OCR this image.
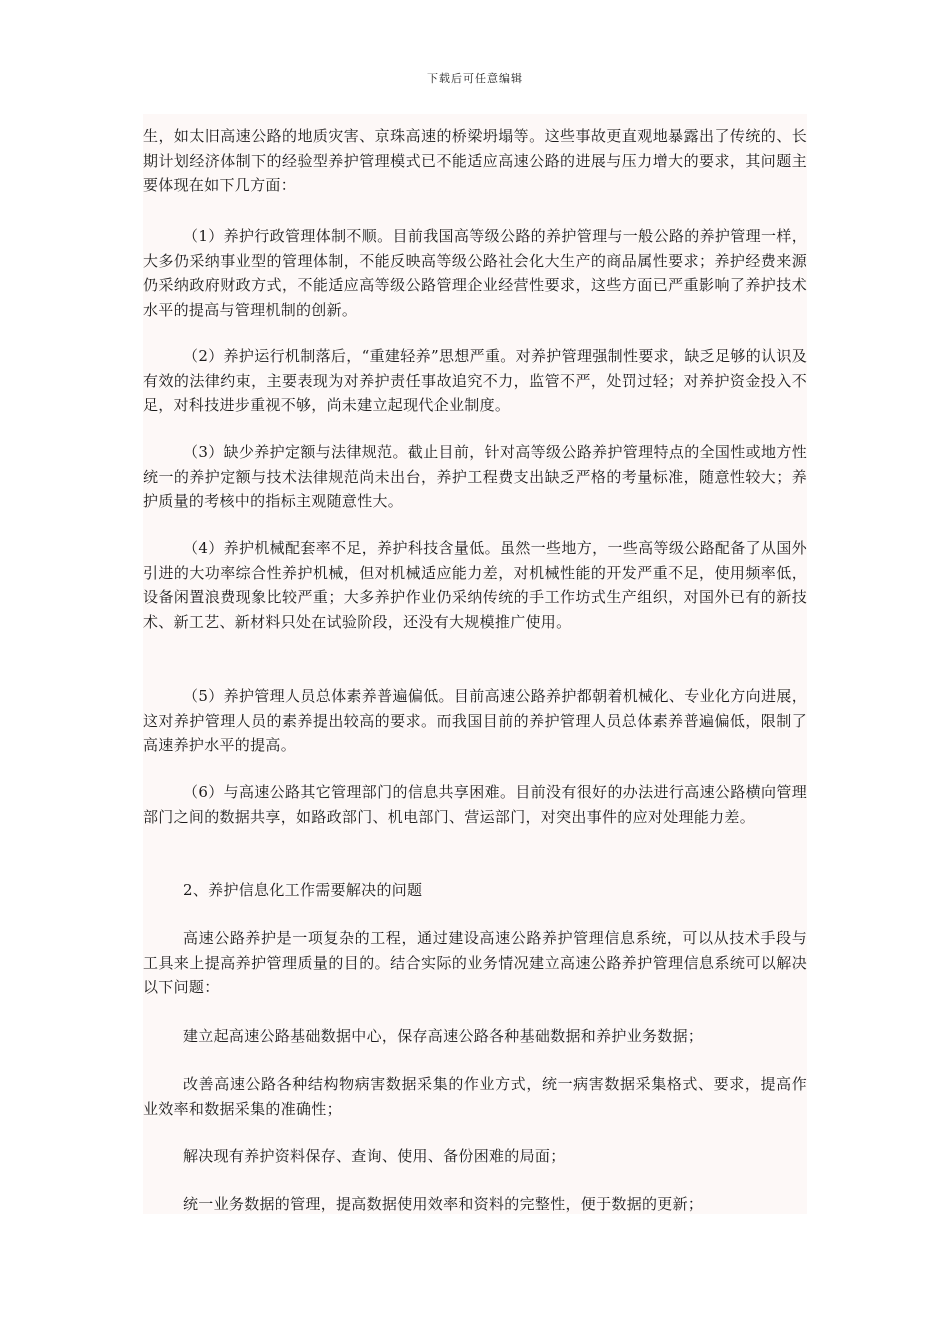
下载后可任意编辑

生，如太旧高速公路的地质灾害、京珠高速的桥梁坍塌等。这些事故更直观地暴露出了传统的、长期计划经济体制下的经验型养护管理模式已不能适应高速公路的进展与压力增大的要求，其问题主要体现在如下几方面：

（1）养护行政管理体制不顺。目前我国高等级公路的养护管理与一般公路的养护管理一样，大多仍采纳事业型的管理体制，不能反映高等级公路社会化大生产的商品属性要求；养护经费来源仍采纳政府财政方式，不能适应高等级公路管理企业经营性要求，这些方面已严重影响了养护技术水平的提高与管理机制的创新。

（2）养护运行机制落后，“重建轻养”思想严重。对养护管理强制性要求，缺乏足够的认识及有效的法律约束，主要表现为对养护责任事故追究不力，监管不严，处罚过轻；对养护资金投入不足，对科技进步重视不够，尚未建立起现代企业制度。

（3）缺少养护定额与法律规范。截止目前，针对高等级公路养护管理特点的全国性或地方性统一的养护定额与技术法律规范尚未出台，养护工程费支出缺乏严格的考量标准，随意性较大；养护质量的考核中的指标主观随意性大。

（4）养护机械配套率不足，养护科技含量低。虽然一些地方，一些高等级公路配备了从国外引进的大功率综合性养护机械，但对机械适应能力差，对机械性能的开发严重不足，使用频率低，设备闲置浪费现象比较严重；大多养护作业仍采纳传统的手工作坊式生产组织，对国外已有的新技术、新工艺、新材料只处在试验阶段，还没有大规模推广使用。

（5）养护管理人员总体素养普遍偏低。目前高速公路养护都朝着机械化、专业化方向进展，这对养护管理人员的素养提出较高的要求。而我国目前的养护管理人员总体素养普遍偏低，限制了高速养护水平的提高。

（6）与高速公路其它管理部门的信息共享困难。目前没有很好的办法进行高速公路横向管理部门之间的数据共享，如路政部门、机电部门、营运部门，对突出事件的应对处理能力差。

2、养护信息化工作需要解决的问题

高速公路养护是一项复杂的工程，通过建设高速公路养护管理信息系统，可以从技术手段与工具来上提高养护管理质量的目的。结合实际的业务情况建立高速公路养护管理信息系统可以解决以下问题：

建立起高速公路基础数据中心，保存高速公路各种基础数据和养护业务数据；

改善高速公路各种结构物病害数据采集的作业方式，统一病害数据采集格式、要求，提高作业效率和数据采集的准确性；

解决现有养护资料保存、查询、使用、备份困难的局面；

统一业务数据的管理，提高数据使用效率和资料的完整性，便于数据的更新；
